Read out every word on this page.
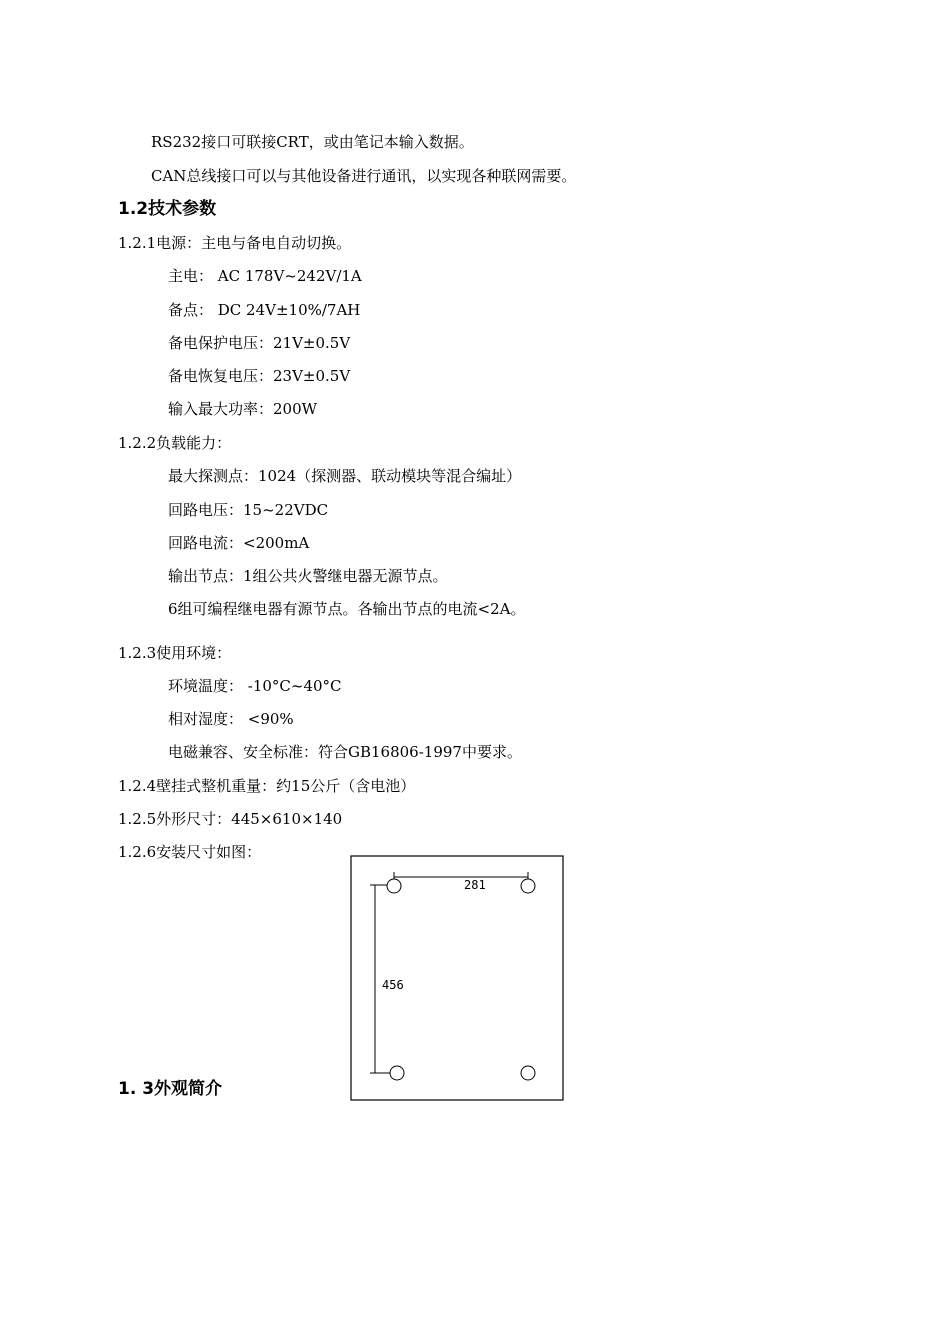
RS232接口可联接CRT，或由笔记本输入数据。
CAN总线接口可以与其他设备进行通讯，以实现各种联网需要。
1.2技术参数
1.2.1电源：主电与备电自动切换。
主电： AC 178V~242V/1A
备点： DC 24V±10%/7AH
备电保护电压：21V±0.5V
备电恢复电压：23V±0.5V
输入最大功率：200W
1.2.2负载能力：
最大探测点：1024（探测器、联动模块等混合编址）
回路电压：15~22VDC
回路电流：<200mA
输出节点：1组公共火警继电器无源节点。
6组可编程继电器有源节点。各输出节点的电流<2A。
1.2.3使用环境：
环境温度： -10°C~40°C
相对湿度： <90%
电磁兼容、安全标准：符合GB16806-1997中要求。
1.2.4壁挂式整机重量：约15公斤（含电池）
1.2.5外形尺寸：445×610×140
1.2.6安装尺寸如图：
281
456
1. 3外观简介
